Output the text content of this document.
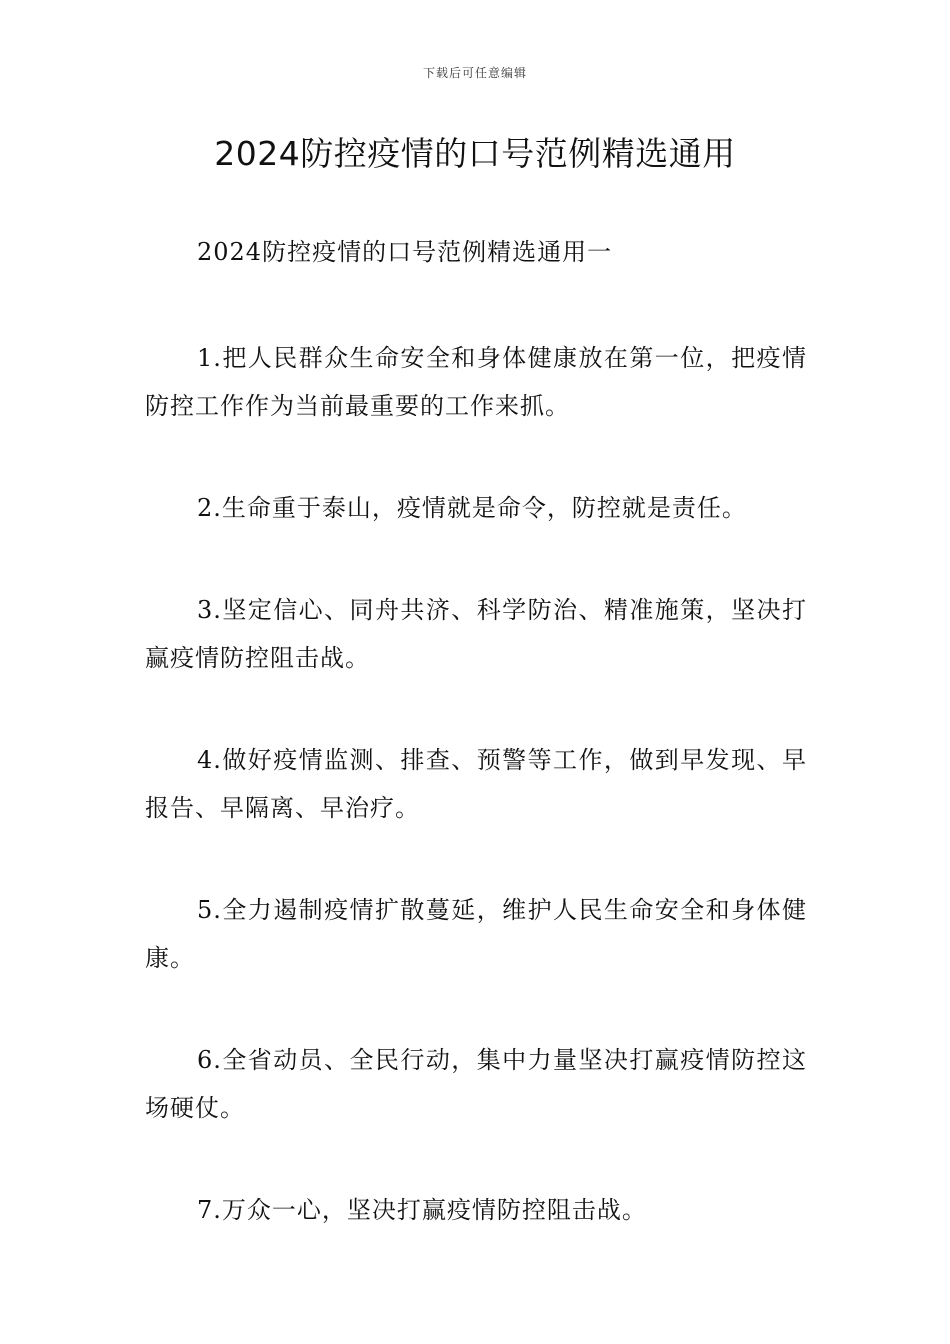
下载后可任意编辑
2024防控疫情的口号范例精选通用

2024防控疫情的口号范例精选通用一

1.把人民群众生命安全和身体健康放在第一位，把疫情防控工作作为当前最重要的工作来抓。

2.生命重于泰山，疫情就是命令，防控就是责任。

3.坚定信心、同舟共济、科学防治、精准施策，坚决打赢疫情防控阻击战。

4.做好疫情监测、排查、预警等工作，做到早发现、早报告、早隔离、早治疗。

5.全力遏制疫情扩散蔓延，维护人民生命安全和身体健康。

6.全省动员、全民行动，集中力量坚决打赢疫情防控这场硬仗。

7.万众一心，坚决打赢疫情防控阻击战。
